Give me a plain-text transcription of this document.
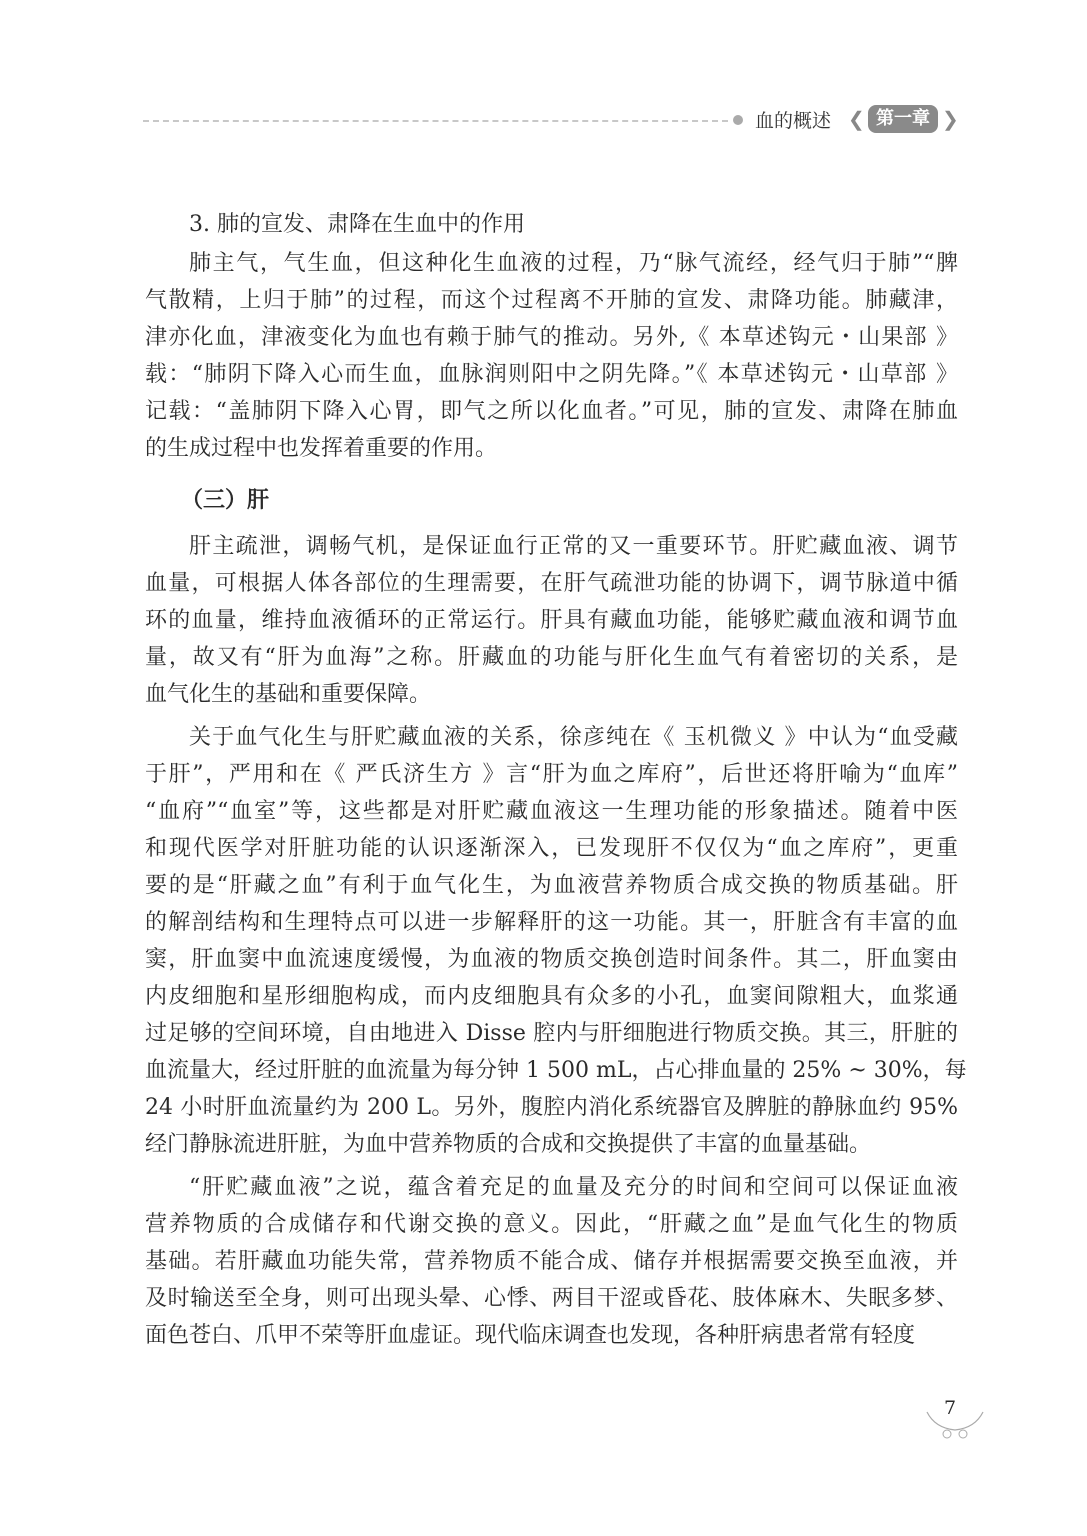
血的概述 ❮ 第一章 ❯
3. 肺的宣发、肃降在生血中的作用
肺主气，气生血，但这种化生血液的过程，乃“脉气流经，经气归于肺”“脾
气散精，上归于肺”的过程，而这个过程离不开肺的宣发、肃降功能。肺藏津，
津亦化血，津液变化为血也有赖于肺气的推动。另外,《 本草述钩元・山果部 》
载：“肺阴下降入心而生血，血脉润则阳中之阴先降。”《 本草述钩元・山草部 》
记载：“盖肺阴下降入心胃，即气之所以化血者。”可见，肺的宣发、肃降在肺血
的生成过程中也发挥着重要的作用。
（三）肝
肝主疏泄，调畅气机，是保证血行正常的又一重要环节。肝贮藏血液、调节
血量，可根据人体各部位的生理需要，在肝气疏泄功能的协调下，调节脉道中循
环的血量，维持血液循环的正常运行。肝具有藏血功能，能够贮藏血液和调节血
量，故又有“肝为血海”之称。肝藏血的功能与肝化生血气有着密切的关系，是
血气化生的基础和重要保障。
关于血气化生与肝贮藏血液的关系，徐彦纯在《 玉机微义 》中认为“血受藏
于肝”，严用和在《 严氏济生方 》言“肝为血之库府”，后世还将肝喻为“血库”
“血府”“血室”等，这些都是对肝贮藏血液这一生理功能的形象描述。随着中医
和现代医学对肝脏功能的认识逐渐深入，已发现肝不仅仅为“血之库府”，更重
要的是“肝藏之血”有利于血气化生，为血液营养物质合成交换的物质基础。肝
的解剖结构和生理特点可以进一步解释肝的这一功能。其一，肝脏含有丰富的血
窦，肝血窦中血流速度缓慢，为血液的物质交换创造时间条件。其二，肝血窦由
内皮细胞和星形细胞构成，而内皮细胞具有众多的小孔，血窦间隙粗大，血浆通
过足够的空间环境，自由地进入 Disse 腔内与肝细胞进行物质交换。其三，肝脏的
血流量大，经过肝脏的血流量为每分钟 1 500 mL，占心排血量的 25% ~ 30%，每
24 小时肝血流量约为 200 L。另外，腹腔内消化系统器官及脾脏的静脉血约 95%
经门静脉流进肝脏，为血中营养物质的合成和交换提供了丰富的血量基础。
“肝贮藏血液”之说，蕴含着充足的血量及充分的时间和空间可以保证血液
营养物质的合成储存和代谢交换的意义。因此，“肝藏之血”是血气化生的物质
基础。若肝藏血功能失常，营养物质不能合成、储存并根据需要交换至血液，并
及时输送至全身，则可出现头晕、心悸、两目干涩或昏花、肢体麻木、失眠多梦、
面色苍白、爪甲不荣等肝血虚证。现代临床调查也发现，各种肝病患者常有轻度
7
